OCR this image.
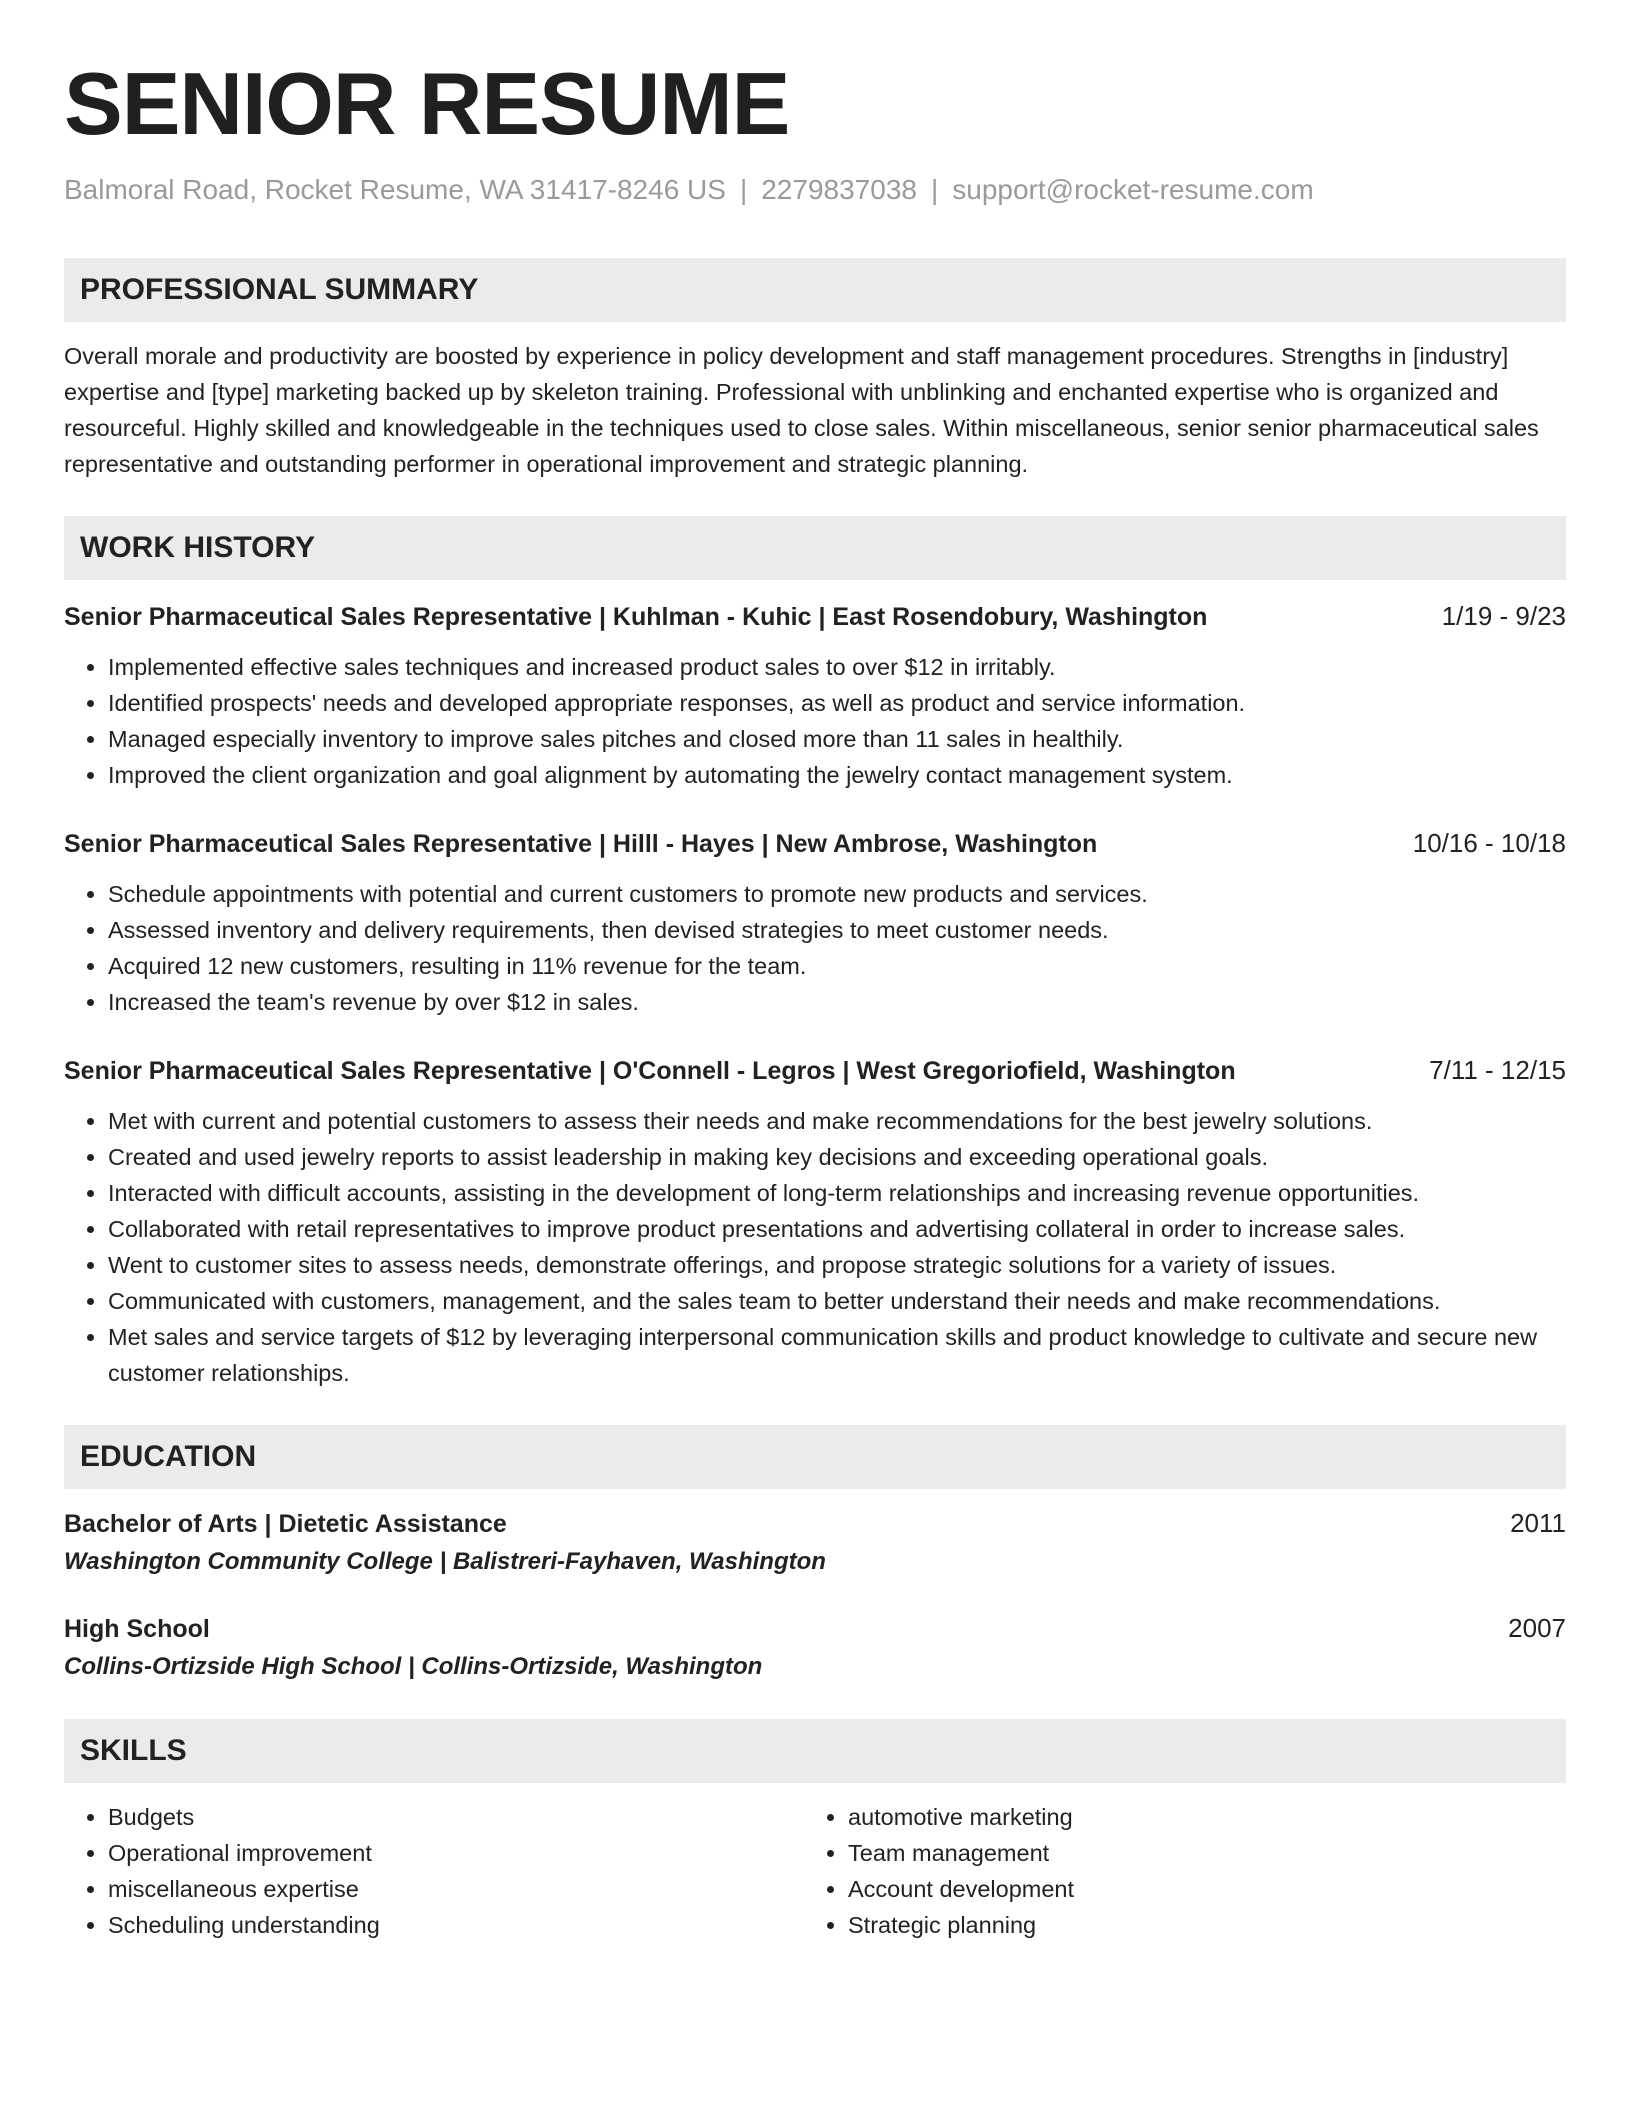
SENIOR RESUME
Balmoral Road, Rocket Resume, WA 31417-8246 US | 2279837038 | support@rocket-resume.com
PROFESSIONAL SUMMARY
Overall morale and productivity are boosted by experience in policy development and staff management procedures. Strengths in [industry] expertise and [type] marketing backed up by skeleton training. Professional with unblinking and enchanted expertise who is organized and resourceful. Highly skilled and knowledgeable in the techniques used to close sales. Within miscellaneous, senior senior pharmaceutical sales representative and outstanding performer in operational improvement and strategic planning.
WORK HISTORY
Senior Pharmaceutical Sales Representative | Kuhlman - Kuhic | East Rosendobury, Washington	1/19 - 9/23
• Implemented effective sales techniques and increased product sales to over $12 in irritably.
• Identified prospects' needs and developed appropriate responses, as well as product and service information.
• Managed especially inventory to improve sales pitches and closed more than 11 sales in healthily.
• Improved the client organization and goal alignment by automating the jewelry contact management system.
Senior Pharmaceutical Sales Representative | Hilll - Hayes | New Ambrose, Washington	10/16 - 10/18
• Schedule appointments with potential and current customers to promote new products and services.
• Assessed inventory and delivery requirements, then devised strategies to meet customer needs.
• Acquired 12 new customers, resulting in 11% revenue for the team.
• Increased the team's revenue by over $12 in sales.
Senior Pharmaceutical Sales Representative | O'Connell - Legros | West Gregoriofield, Washington	7/11 - 12/15
• Met with current and potential customers to assess their needs and make recommendations for the best jewelry solutions.
• Created and used jewelry reports to assist leadership in making key decisions and exceeding operational goals.
• Interacted with difficult accounts, assisting in the development of long-term relationships and increasing revenue opportunities.
• Collaborated with retail representatives to improve product presentations and advertising collateral in order to increase sales.
• Went to customer sites to assess needs, demonstrate offerings, and propose strategic solutions for a variety of issues.
• Communicated with customers, management, and the sales team to better understand their needs and make recommendations.
• Met sales and service targets of $12 by leveraging interpersonal communication skills and product knowledge to cultivate and secure new customer relationships.
EDUCATION
Bachelor of Arts | Dietetic Assistance	2011
Washington Community College | Balistreri-Fayhaven, Washington
High School	2007
Collins-Ortizside High School | Collins-Ortizside, Washington
SKILLS
• Budgets
• Operational improvement
• miscellaneous expertise
• Scheduling understanding
• automotive marketing
• Team management
• Account development
• Strategic planning
